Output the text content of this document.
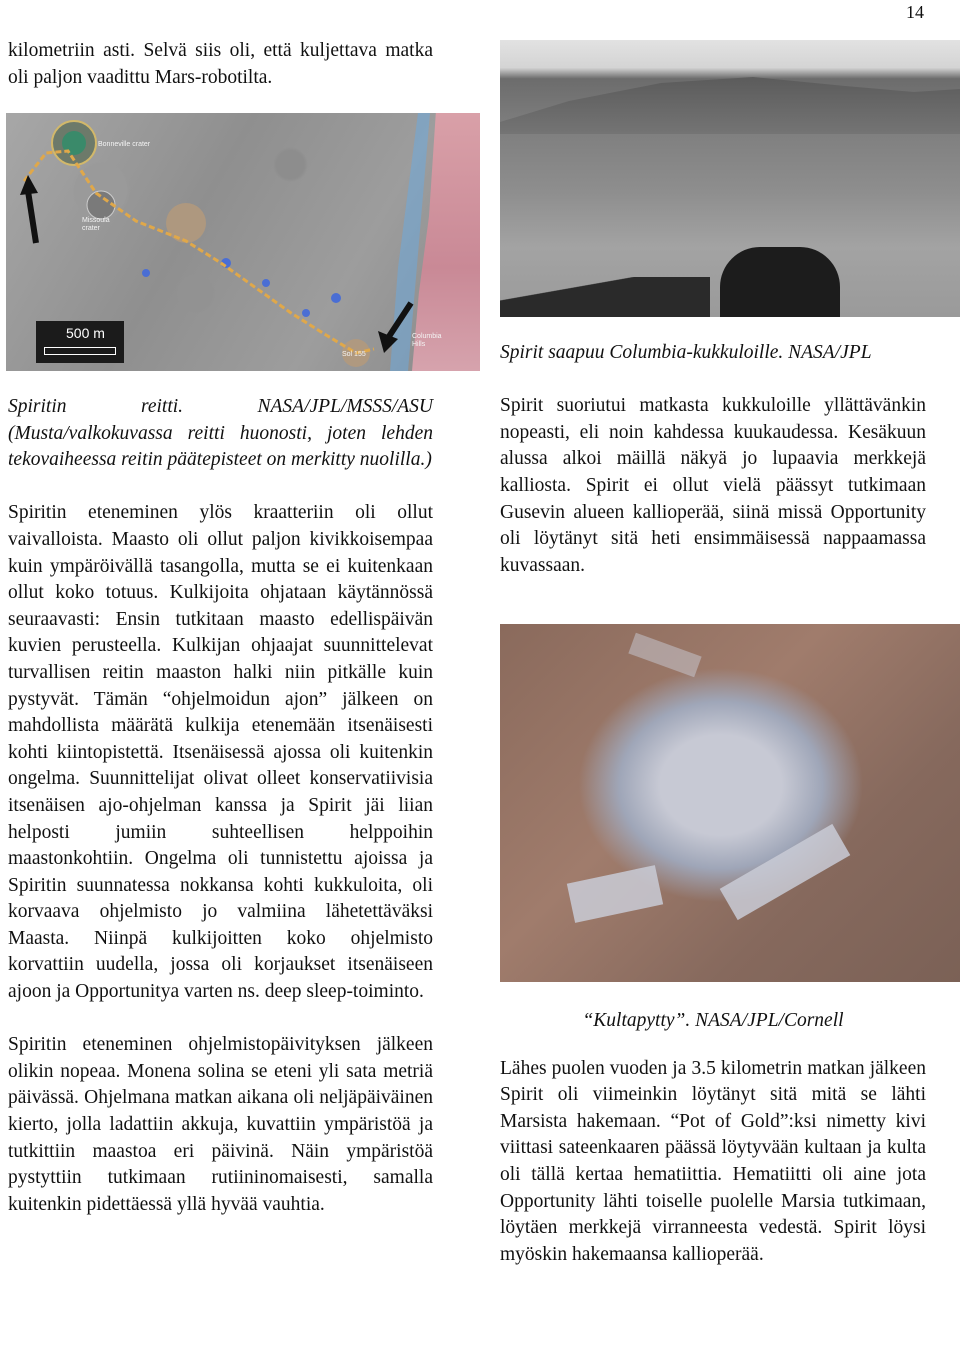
14

kilometriin asti. Selvä siis oli, että kuljettava matka oli paljon vaadittu Mars-robotilta.

Bonneville crater
Missoula crater
Columbia Hills
Sol 155
500 m

Spiritin reitti. NASA/JPL/MSSS/ASU (Musta/valkokuvassa reitti huonosti, joten lehden tekovaiheessa reitin päätepisteet on merkitty nuolilla.)

Spiritin eteneminen ylös kraatteriin oli ollut vaivalloista. Maasto oli ollut paljon kivikkoisempaa kuin ympäröivällä tasangolla, mutta se ei kuitenkaan ollut koko totuus. Kulkijoita ohjataan käytännössä seuraavasti: Ensin tutkitaan maasto edellispäivän kuvien perusteella. Kulkijan ohjaajat suunnittelevat turvallisen reitin maaston halki niin pitkälle kuin pystyvät. Tämän “ohjelmoidun ajon” jälkeen on mahdollista määrätä kulkija etenemään itsenäisesti kohti kiintopistettä. Itsenäisessä ajossa oli kuitenkin ongelma. Suunnittelijat olivat olleet konservatiivisia itsenäisen ajo-ohjelman kanssa ja Spirit jäi liian helposti jumiin suhteellisen helppoihin maastonkohtiin. Ongelma oli tunnistettu ajoissa ja Spiritin suunnatessa nokkansa kohti kukkuloita, oli korvaava ohjelmisto jo valmiina lähetettäväksi Maasta. Niinpä kulkijoitten koko ohjelmisto korvattiin uudella, jossa oli korjaukset itsenäiseen ajoon ja Opportunitya varten ns. deep sleep-toiminto.

Spiritin eteneminen ohjelmistopäivityksen jälkeen olikin nopeaa. Monena solina se eteni yli sata metriä päivässä. Ohjelmana matkan aikana oli neljäpäiväinen kierto, jolla ladattiin akkuja, kuvattiin ympäristöä ja tutkittiin maastoa eri päivinä. Näin ympäristöä pystyttiin tutkimaan rutiininomaisesti, samalla kuitenkin pidettäessä yllä hyvää vauhtia.

Spirit saapuu Columbia-kukkuloille. NASA/JPL

Spirit suoriutui matkasta kukkuloille yllättävänkin nopeasti, eli noin kahdessa kuukaudessa. Kesäkuun alussa alkoi mäillä näkyä jo lupaavia merkkejä kalliosta. Spirit ei ollut vielä päässyt tutkimaan Gusevin alueen kallioperää, siinä missä Opportunity oli löytänyt sitä heti ensimmäisessä nappaamassa kuvassaan.

“Kultapytty”. NASA/JPL/Cornell

Lähes puolen vuoden ja 3.5 kilometrin matkan jälkeen Spirit oli viimeinkin löytänyt sitä mitä se lähti Marsista hakemaan. “Pot of Gold”:ksi nimetty kivi viittasi sateenkaaren päässä löytyvään kultaan ja kulta oli tällä kertaa hematiittia. Hematiitti oli aine jota Opportunity lähti toiselle puolelle Marsia tutkimaan, löytäen merkkejä virranneesta vedestä. Spirit löysi myöskin hakemaansa kallioperää.
